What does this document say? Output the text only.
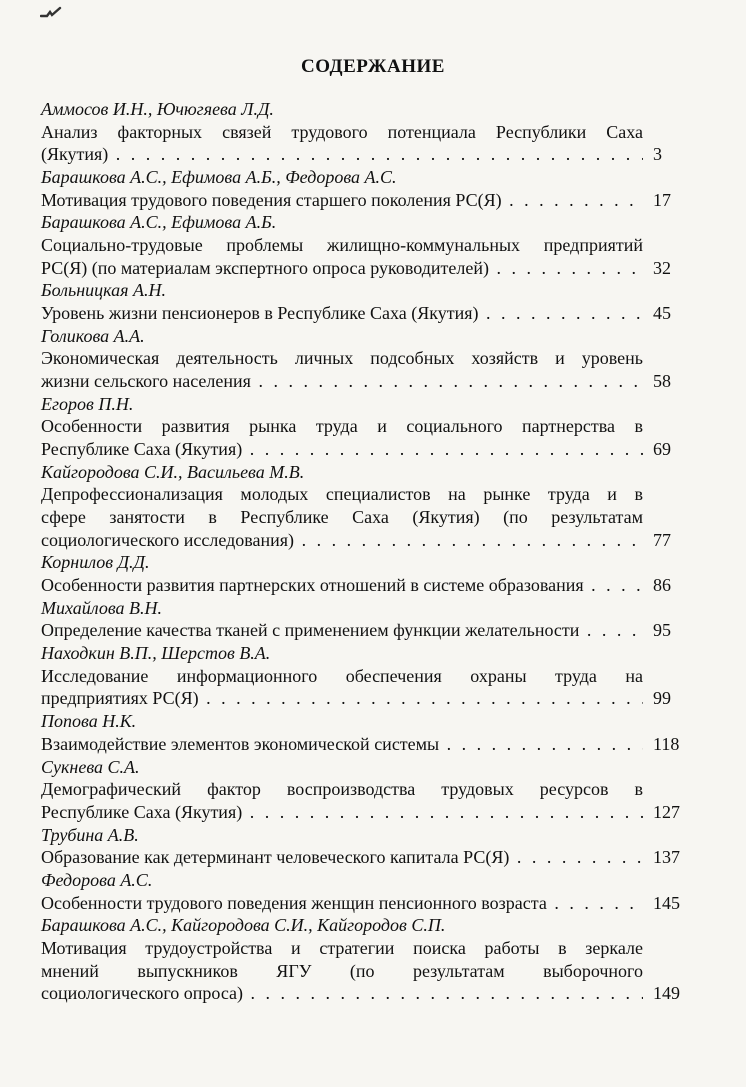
СОДЕРЖАНИЕ
Аммосов И.Н., Ючюгяева Л.Д.
Анализ факторных связей трудового потенциала Республики Саха
(Якутия) . . .	3
Барашкова А.С., Ефимова А.Б., Федорова А.С.
Мотивация трудового поведения старшего поколения РС(Я) . . .	17
Барашкова А.С., Ефимова А.Б.
Социально-трудовые проблемы жилищно-коммунальных предприятий
РС(Я) (по материалам экспертного опроса руководителей) . . .	32
Больницкая А.Н.
Уровень жизни пенсионеров в Республике Саха (Якутия) . . .	45
Голикова А.А.
Экономическая деятельность личных подсобных хозяйств и уровень
жизни сельского населения . . .	58
Егоров П.Н.
Особенности развития рынка труда и социального партнерства в
Республике Саха (Якутия) . . .	69
Кайгородова С.И., Васильева М.В.
Депрофессионализация молодых специалистов на рынке труда и в
сфере занятости в Республике Саха (Якутия) (по результатам
социологического исследования) . . .	77
Корнилов Д.Д.
Особенности развития партнерских отношений в системе образования . . .	86
Михайлова В.Н.
Определение качества тканей с применением функции желательности . . .	95
Находкин В.П., Шерстов В.А.
Исследование информационного обеспечения охраны труда на
предприятиях РС(Я) . . .	99
Попова Н.К.
Взаимодействие элементов экономической системы . . .	118
Сукнева С.А.
Демографический фактор воспроизводства трудовых ресурсов в
Республике Саха (Якутия) . . .	127
Трубина А.В.
Образование как детерминант человеческого капитала РС(Я) . . .	137
Федорова А.С.
Особенности трудового поведения женщин пенсионного возраста . . .	145
Барашкова А.С., Кайгородова С.И., Кайгородов С.П.
Мотивация трудоустройства и стратегии поиска работы в зеркале
мнений выпускников ЯГУ (по результатам выборочного
социологического опроса) . . .	149
